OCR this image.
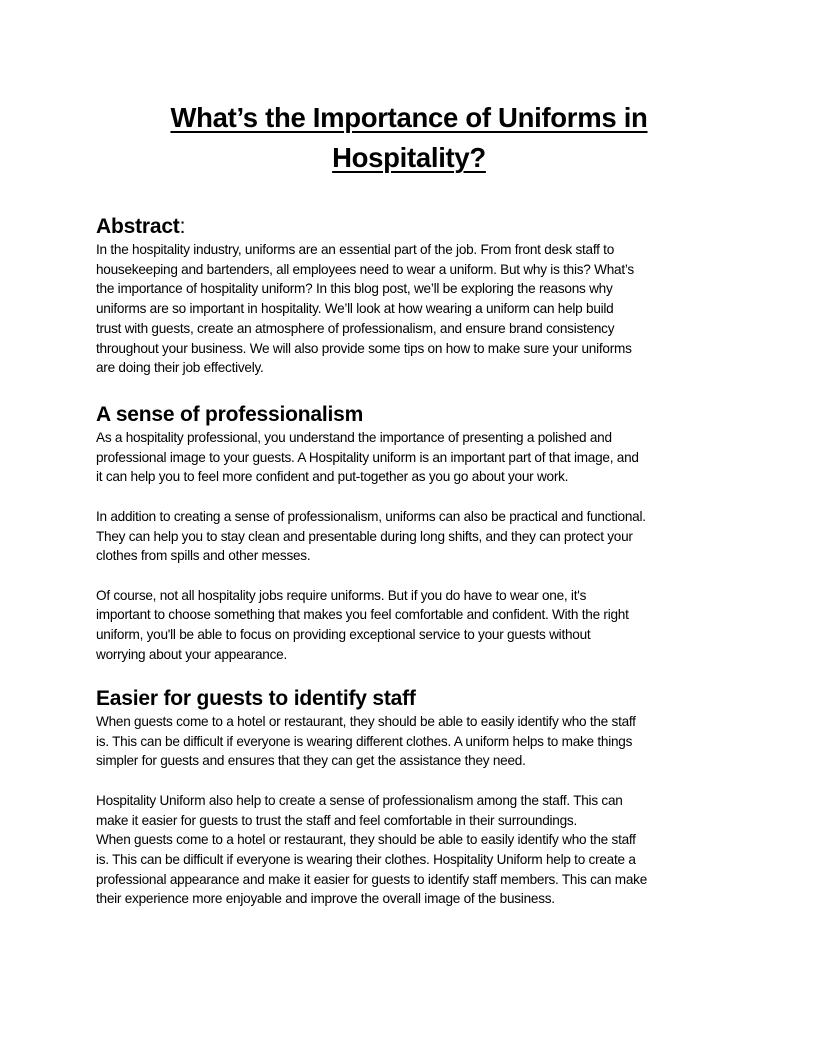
What’s the Importance of Uniforms in
Hospitality?
Abstract:

In the hospitality industry, uniforms are an essential part of the job. From front desk staff to
housekeeping and bartenders, all employees need to wear a uniform. But why is this? What’s
the importance of hospitality uniform? In this blog post, we’ll be exploring the reasons why
uniforms are so important in hospitality. We’ll look at how wearing a uniform can help build
trust with guests, create an atmosphere of professionalism, and ensure brand consistency
throughout your business. We will also provide some tips on how to make sure your uniforms
are doing their job effectively.

A sense of professionalism

As a hospitality professional, you understand the importance of presenting a polished and
professional image to your guests. A Hospitality uniform is an important part of that image, and
it can help you to feel more confident and put-together as you go about your work.

In addition to creating a sense of professionalism, uniforms can also be practical and functional.
They can help you to stay clean and presentable during long shifts, and they can protect your
clothes from spills and other messes.

Of course, not all hospitality jobs require uniforms. But if you do have to wear one, it's
important to choose something that makes you feel comfortable and confident. With the right
uniform, you'll be able to focus on providing exceptional service to your guests without
worrying about your appearance.

Easier for guests to identify staff

When guests come to a hotel or restaurant, they should be able to easily identify who the staff
is. This can be difficult if everyone is wearing different clothes. A uniform helps to make things
simpler for guests and ensures that they can get the assistance they need.

Hospitality Uniform also help to create a sense of professionalism among the staff. This can
make it easier for guests to trust the staff and feel comfortable in their surroundings.
When guests come to a hotel or restaurant, they should be able to easily identify who the staff
is. This can be difficult if everyone is wearing their clothes. Hospitality Uniform help to create a
professional appearance and make it easier for guests to identify staff members. This can make
their experience more enjoyable and improve the overall image of the business.
